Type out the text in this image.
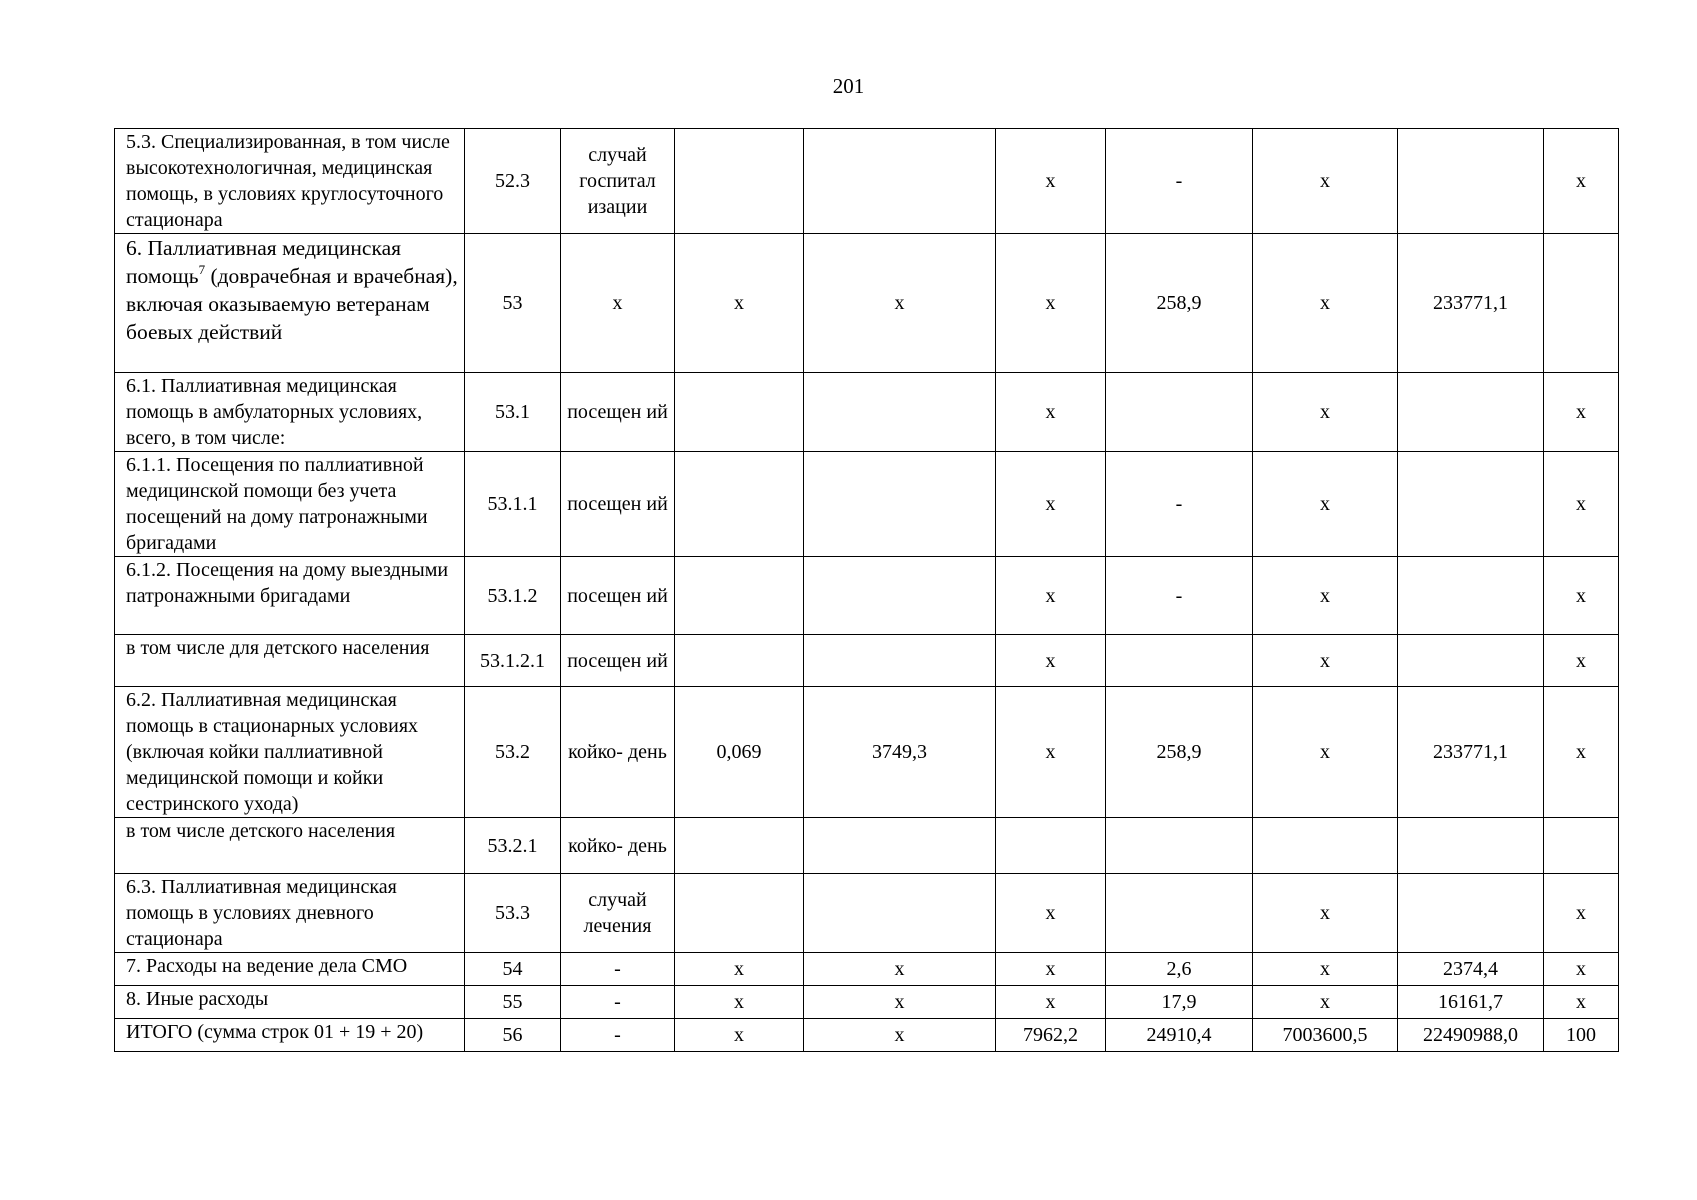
201
5.3. Специализированная, в том числе высокотехнологичная, медицинская помощь, в условиях круглосуточного стационара	52.3	случай госпитал изации			х	-	х		х
6. Паллиативная медицинская помощь$^7$ (доврачебная и врачебная), включая оказываемую ветеранам боевых действий	53	х	х	х	х	258,9	х	233771,1	
6.1. Паллиативная медицинская помощь в амбулаторных условиях, всего, в том числе:	53.1	посещен ий			х		х		х
6.1.1. Посещения по паллиативной медицинской помощи без учета посещений на дому патронажными бригадами	53.1.1	посещен ий			х	-	х		х
6.1.2. Посещения на дому выездными патронажными бригадами	53.1.2	посещен ий			х	-	х		х
в том числе для детского населения	53.1.2.1	посещен ий			х		х		х
6.2. Паллиативная медицинская помощь в стационарных условиях (включая койки паллиативной медицинской помощи и койки сестринского ухода)	53.2	койко- день	0,069	3749,3	х	258,9	х	233771,1	х
в том числе детского населения	53.2.1	койко- день							
6.3. Паллиативная медицинская помощь в условиях дневного стационара	53.3	случай лечения			х		х		х
7. Расходы на ведение дела СМО	54	-	х	х	х	2,6	х	2374,4	х
8. Иные расходы	55	-	х	х	х	17,9	х	16161,7	х
ИТОГО (сумма строк 01 + 19 + 20)	56	-	х	х	7962,2	24910,4	7003600,5	22490988,0	100
